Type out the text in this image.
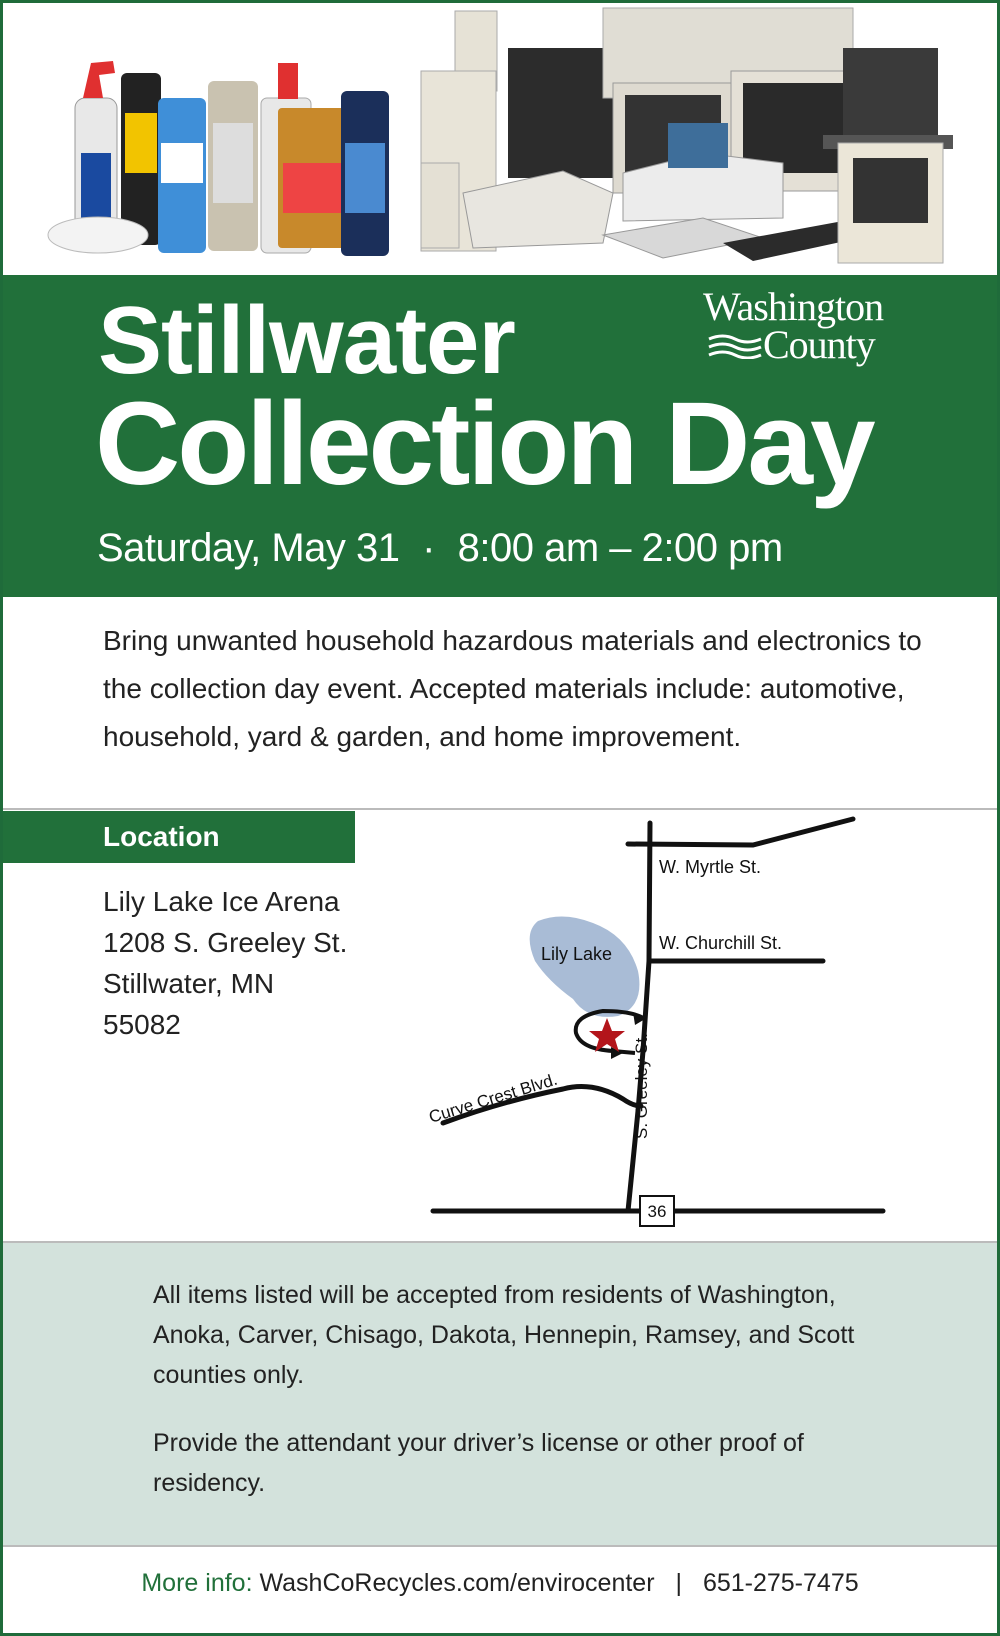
Stillwater
Collection Day
Saturday, May 31 · 8:00 am – 2:00 pm
Washington
County
Bring unwanted household hazardous materials and electronics to the collection day event. Accepted materials include: automotive, household, yard & garden, and home improvement.
Location
Lily Lake Ice Arena
1208 S. Greeley St.
Stillwater, MN
55082
36
W. Myrtle St.
W. Churchill St.
Lily Lake
S. Greeley St.
Curve Crest Blvd.
All items listed will be accepted from residents of Washington, Anoka, Carver, Chisago, Dakota, Hennepin, Ramsey, and Scott counties only.
Provide the attendant your driver’s license or other proof of residency.
More info: WashCoRecycles.com/envirocenter | 651-275-7475
